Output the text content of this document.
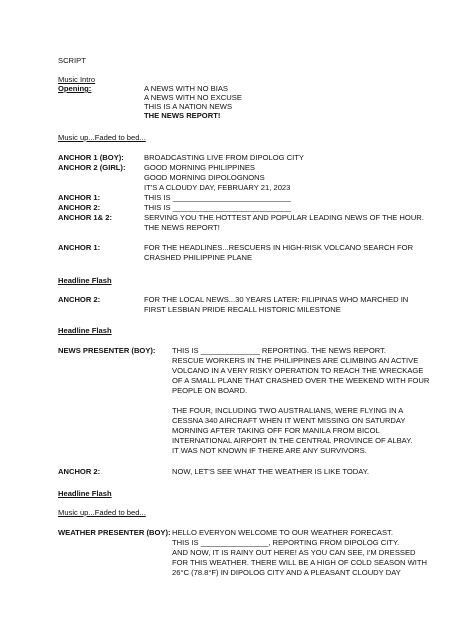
SCRIPT
Music Intro
Opening:	A NEWS WITH NO BIAS
A NEWS WITH NO EXCUSE
THIS IS A NATION NEWS
THE NEWS REPORT!
Music up...Faded to bed...
ANCHOR 1 (BOY):	BROADCASTING LIVE FROM DIPOLOG CITY
ANCHOR 2 (GIRL): GOOD MORNING PHILIPPINES
GOOD MORNING DIPOLOGNONS
IT'S A CLOUDY DAY, FEBRUARY 21, 2023
ANCHOR 1:	THIS IS ____________________________
ANCHOR 2:	THIS IS ____________________________
ANCHOR 1& 2:	SERVING YOU THE HOTTEST AND POPULAR LEADING NEWS OF THE HOUR.
THE NEWS REPORT!
ANCHOR 1:	FOR THE HEADLINES...RESCUERS IN HIGH-RISK VOLCANO SEARCH FOR
CRASHED PHILIPPINE PLANE
Headline Flash
ANCHOR 2:	FOR THE LOCAL NEWS...30 YEARS LATER: FILIPINAS WHO MARCHED IN
FIRST LESBIAN PRIDE RECALL HISTORIC MILESTONE
Headline Flash
NEWS PRESENTER (BOY): THIS IS ______________ REPORTING. THE NEWS REPORT.
RESCUE WORKERS IN THE PHILIPPINES ARE CLIMBING AN ACTIVE
VOLCANO IN A VERY RISKY OPERATION TO REACH THE WRECKAGE
OF A SMALL PLANE THAT CRASHED OVER THE WEEKEND WITH FOUR
PEOPLE ON BOARD.
THE FOUR, INCLUDING TWO AUSTRALIANS, WERE FLYING IN A
CESSNA 340 AIRCRAFT WHEN IT WENT MISSING ON SATURDAY
MORNING AFTER TAKING OFF FOR MANILA FROM BICOL
INTERNATIONAL AIRPORT IN THE CENTRAL PROVINCE OF ALBAY.
IT WAS NOT KNOWN IF THERE ARE ANY SURVIVORS.
ANCHOR 2:	NOW, LET'S SEE WHAT THE WEATHER IS LIKE TODAY.
Headline Flash
Music up...Faded to bed...
WEATHER PRESENTER (BOY): HELLO EVERYON WELCOME TO OUR WEATHER FORECAST.
THIS IS ________________, REPORTING FROM DIPOLOG CITY.
AND NOW, IT IS RAINY OUT HERE! AS YOU CAN SEE, I'M DRESSED
FOR THIS WEATHER. THERE WILL BE A HIGH OF COLD SEASON WITH
26°C (78.8°F) IN DIPOLOG CITY AND A PLEASANT CLOUDY DAY
